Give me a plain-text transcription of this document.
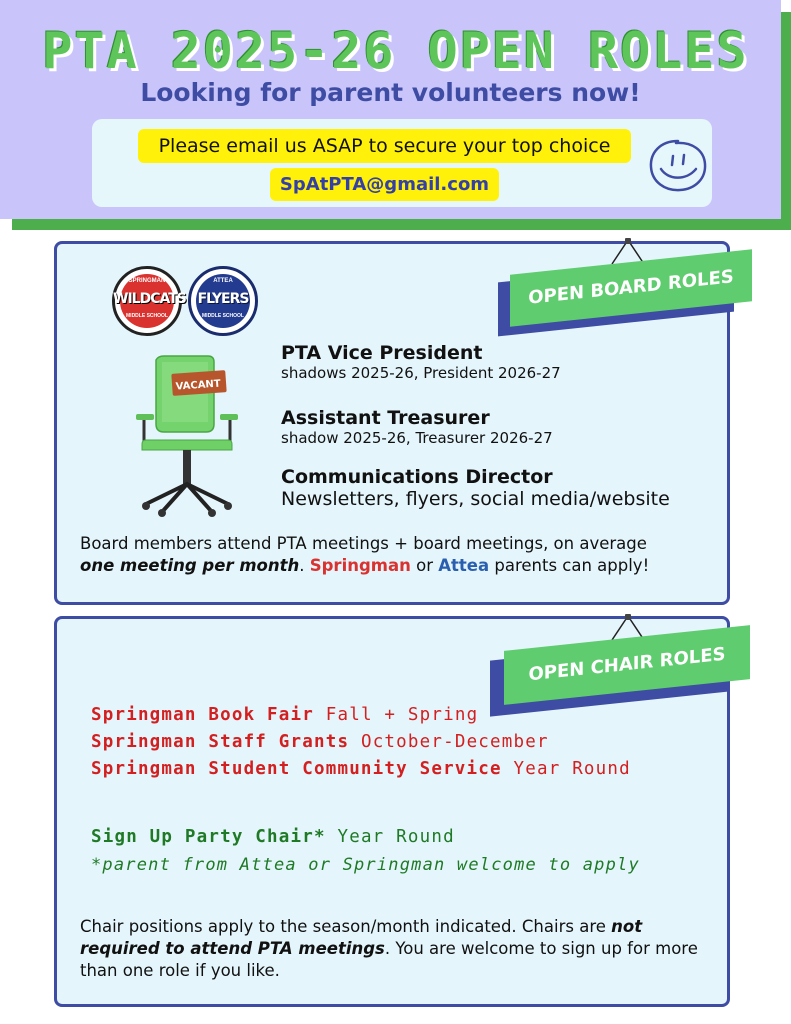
PTA 2025-26 OPEN ROLES
Looking for parent volunteers now!
Please email us ASAP to secure your top choice
SpAtPTA@gmail.com
OPEN BOARD ROLES
SPRINGMAN
WILDCATS
MIDDLE SCHOOL
ATTEA
FLYERS
MIDDLE SCHOOL
VACANT
PTA Vice President
shadows 2025-26, President 2026-27
Assistant Treasurer
shadow 2025-26, Treasurer 2026-27
Communications Director
Newsletters, flyers, social media/website
Board members attend PTA meetings + board meetings, on average
one meeting per month. Springman or Attea parents can apply!
OPEN CHAIR ROLES
Springman Book Fair Fall + Spring
Springman Staff Grants October-December
Springman Student Community Service Year Round
Sign Up Party Chair* Year Round
*parent from Attea or Springman welcome to apply
Chair positions apply to the season/month indicated. Chairs are not
required to attend PTA meetings. You are welcome to sign up for more than one role if you like.
